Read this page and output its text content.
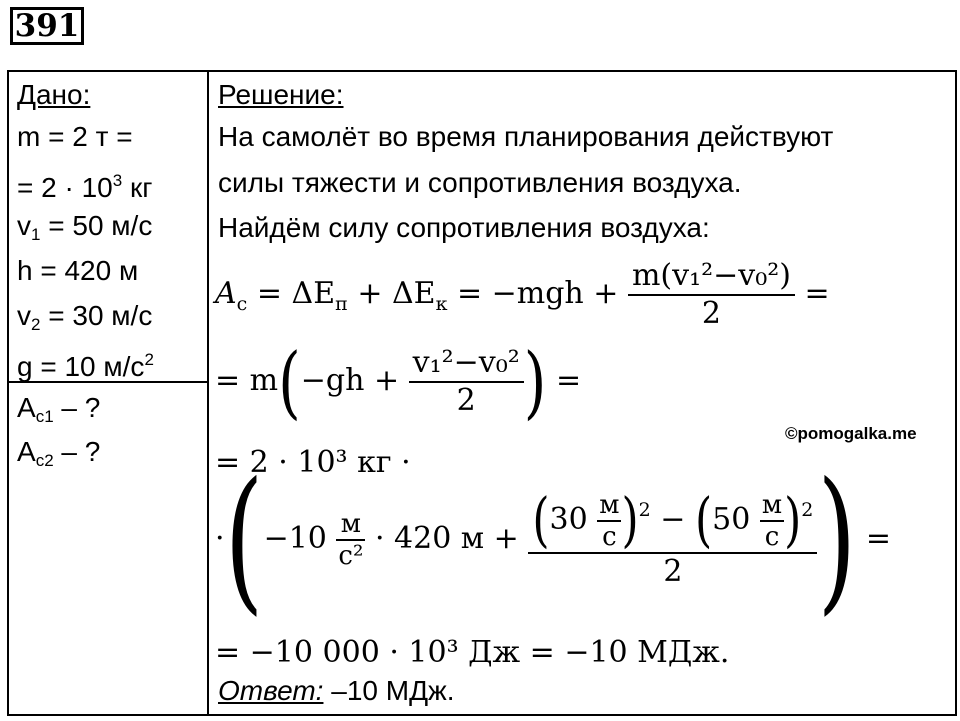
391
Дано:
m = 2 т =
= $2 \cdot 10^3$ кг
$v_1 = 50$ м/с
h = 420 м
$v_2 = 30$ м/с
g = 10 $м/с^2$
$A_{с1}$ – ?
$A_{с2}$ – ?
Решение:
На самолёт во время планирования действуют
силы тяжести и сопротивления воздуха.
Найдём силу сопротивления воздуха:
$A_с = \Delta E_п + \Delta E_к = -mgh + \frac{\text{m(v₁²−v₀²)}}{2}$ =
= $m(-gh + \frac{\text{v₁²−v₀²}}{2}$ ) =
= 2 · 10³ кг ·
·(−10 м
с² · 420 м + (30 м
с )$^2$ − (50 м
с )$^2$
2 ) =
= −10 000 · 10³ Дж = −10 МДж.
Ответ: –10 МДж.
©pomogalka.me
